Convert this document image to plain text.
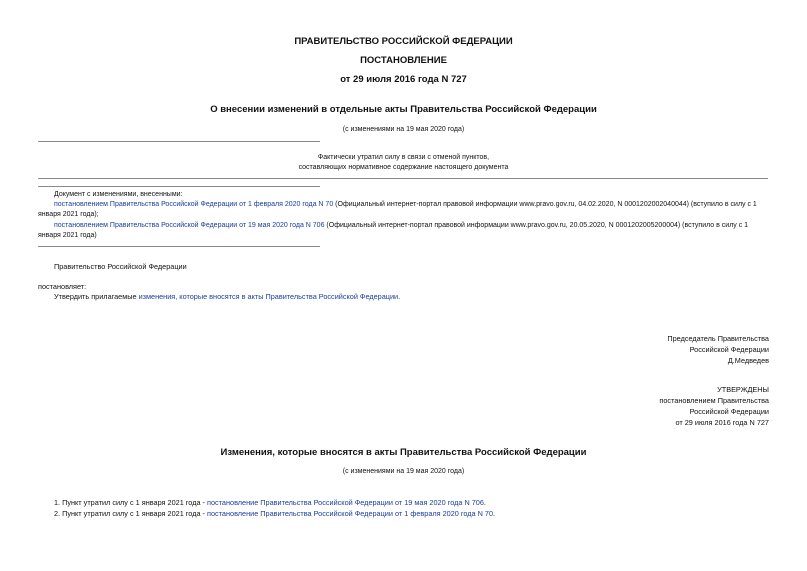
ПРАВИТЕЛЬСТВО РОССИЙСКОЙ ФЕДЕРАЦИИ
ПОСТАНОВЛЕНИЕ
от 29 июля 2016 года N 727
О внесении изменений в отдельные акты Правительства Российской Федерации
(с изменениями на 19 мая 2020 года)
Фактически утратил силу в связи с отменой пунктов,
составляющих нормативное содержание настоящего документа
Документ с изменениями, внесенными:
постановлением Правительства Российской Федерации от 1 февраля 2020 года N 70 (Официальный интернет-портал правовой информации www.pravo.gov.ru, 04.02.2020, N 0001202002040044) (вступило в силу с 1 января 2021 года);
постановлением Правительства Российской Федерации от 19 мая 2020 года N 706 (Официальный интернет-портал правовой информации www.pravo.gov.ru, 20.05.2020, N 0001202005200004) (вступило в силу с 1 января 2021 года)
Правительство Российской Федерации
постановляет:
Утвердить прилагаемые изменения, которые вносятся в акты Правительства Российской Федерации.
Председатель Правительства
Российской Федерации
Д.Медведев
УТВЕРЖДЕНЫ
постановлением Правительства
Российской Федерации
от 29 июля 2016 года N 727
Изменения, которые вносятся в акты Правительства Российской Федерации
(с изменениями на 19 мая 2020 года)
1. Пункт утратил силу с 1 января 2021 года - постановление Правительства Российской Федерации от 19 мая 2020 года N 706.
2. Пункт утратил силу с 1 января 2021 года - постановление Правительства Российской Федерации от 1 февраля 2020 года N 70.
